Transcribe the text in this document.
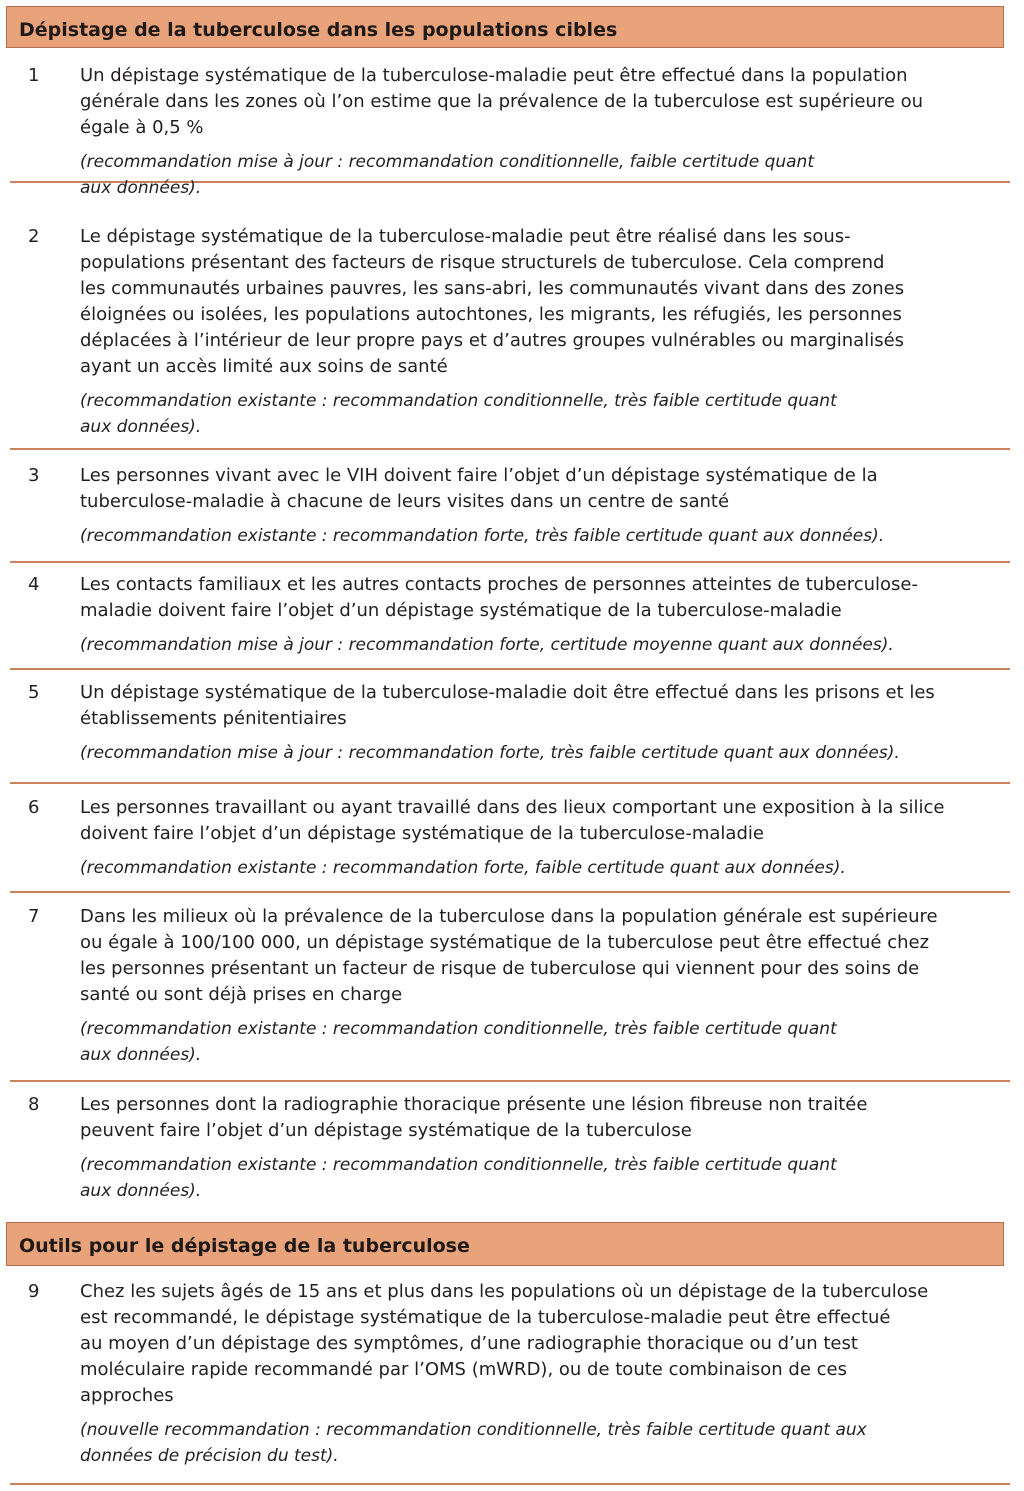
Dépistage de la tuberculose dans les populations cibles
1 Un dépistage systématique de la tuberculose-maladie peut être effectué dans la population
générale dans les zones où l’on estime que la prévalence de la tuberculose est supérieure ou
égale à 0,5 %

(recommandation mise à jour : recommandation conditionnelle, faible certitude quant
aux données).

2 Le dépistage systématique de la tuberculose-maladie peut être réalisé dans les sous-
populations présentant des facteurs de risque structurels de tuberculose. Cela comprend
les communautés urbaines pauvres, les sans-abri, les communautés vivant dans des zones
éloignées ou isolées, les populations autochtones, les migrants, les réfugiés, les personnes
déplacées à l’intérieur de leur propre pays et d’autres groupes vulnérables ou marginalisés
ayant un accès limité aux soins de santé

(recommandation existante : recommandation conditionnelle, très faible certitude quant
aux données).

3 Les personnes vivant avec le VIH doivent faire l’objet d’un dépistage systématique de la
tuberculose-maladie à chacune de leurs visites dans un centre de santé

(recommandation existante : recommandation forte, très faible certitude quant aux données).

4 Les contacts familiaux et les autres contacts proches de personnes atteintes de tuberculose-
maladie doivent faire l’objet d’un dépistage systématique de la tuberculose-maladie

(recommandation mise à jour : recommandation forte, certitude moyenne quant aux données).

5 Un dépistage systématique de la tuberculose-maladie doit être effectué dans les prisons et les
établissements pénitentiaires

(recommandation mise à jour : recommandation forte, très faible certitude quant aux données).

6 Les personnes travaillant ou ayant travaillé dans des lieux comportant une exposition à la silice
doivent faire l’objet d’un dépistage systématique de la tuberculose-maladie

(recommandation existante : recommandation forte, faible certitude quant aux données).

7 Dans les milieux où la prévalence de la tuberculose dans la population générale est supérieure
ou égale à 100/100 000, un dépistage systématique de la tuberculose peut être effectué chez
les personnes présentant un facteur de risque de tuberculose qui viennent pour des soins de
santé ou sont déjà prises en charge

(recommandation existante : recommandation conditionnelle, très faible certitude quant
aux données).

8 Les personnes dont la radiographie thoracique présente une lésion fibreuse non traitée
peuvent faire l’objet d’un dépistage systématique de la tuberculose

(recommandation existante : recommandation conditionnelle, très faible certitude quant
aux données).

Outils pour le dépistage de la tuberculose
9 Chez les sujets âgés de 15 ans et plus dans les populations où un dépistage de la tuberculose
est recommandé, le dépistage systématique de la tuberculose-maladie peut être effectué
au moyen d’un dépistage des symptômes, d’une radiographie thoracique ou d’un test
moléculaire rapide recommandé par l’OMS (mWRD), ou de toute combinaison de ces
approches

(nouvelle recommandation : recommandation conditionnelle, très faible certitude quant aux
données de précision du test).
